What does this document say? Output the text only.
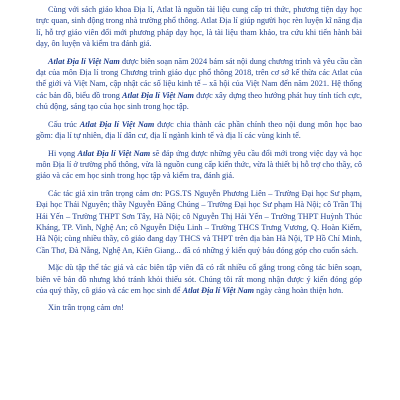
Cùng với sách giáo khoa Địa lí, Atlat là nguồn tài liệu cung cấp tri thức, phương tiện dạy học trực quan, sinh động trong nhà trường phổ thông. Atlat Địa lí giúp người học rèn luyện kĩ năng địa lí, hỗ trợ giáo viên đổi mới phương pháp dạy học, là tài liệu tham khảo, tra cứu khi tiến hành bài dạy, ôn luyện và kiểm tra đánh giá.

Atlat Địa lí Việt Nam được biên soạn năm 2024 bám sát nội dung chương trình và yêu cầu cần đạt của môn Địa lí trong Chương trình giáo dục phổ thông 2018, trên cơ sở kế thừa các Atlat của thế giới và Việt Nam, cập nhật các số liệu kinh tế – xã hội của Việt Nam đến năm 2021. Hệ thống các bản đồ, biểu đồ trong Atlat Địa lí Việt Nam được xây dựng theo hướng phát huy tính tích cực, chủ động, sáng tạo của học sinh trong học tập.

Cấu trúc Atlat Địa lí Việt Nam được chia thành các phần chính theo nội dung môn học bao gồm: địa lí tự nhiên, địa lí dân cư, địa lí ngành kinh tế và địa lí các vùng kinh tế.

Hi vọng Atlat Địa lí Việt Nam sẽ đáp ứng được những yêu cầu đổi mới trong việc dạy và học môn Địa lí ở trường phổ thông, vừa là nguồn cung cấp kiến thức, vừa là thiết bị hỗ trợ cho thầy, cô giáo và các em học sinh trong học tập và kiểm tra, đánh giá.

Các tác giả xin trân trọng cảm ơn: PGS.TS Nguyễn Phương Liên – Trường Đại học Sư phạm, Đại học Thái Nguyên; thầy Nguyễn Đăng Chúng – Trường Đại học Sư phạm Hà Nội; cô Trần Thị Hải Yến – Trường THPT Sơn Tây, Hà Nội; cô Nguyễn Thị Hải Yến – Trường THPT Huỳnh Thúc Kháng, TP. Vinh, Nghệ An; cô Nguyễn Diệu Linh – Trường THCS Trưng Vương, Q. Hoàn Kiếm, Hà Nội; cùng nhiều thầy, cô giáo đang dạy THCS và THPT trên địa bàn Hà Nội, TP Hồ Chí Minh, Cần Thơ, Đà Nẵng, Nghệ An, Kiên Giang... đã có những ý kiến quý báu đóng góp cho cuốn sách.

Mặc dù tập thể tác giả và các biên tập viên đã có rất nhiều cố gắng trong công tác biên soạn, biên vẽ bản đồ nhưng khó tránh khỏi thiếu sót. Chúng tôi rất mong nhận được ý kiến đóng góp của quý thầy, cô giáo và các em học sinh để Atlat Địa lí Việt Nam ngày càng hoàn thiện hơn.

Xin trân trọng cảm ơn!
